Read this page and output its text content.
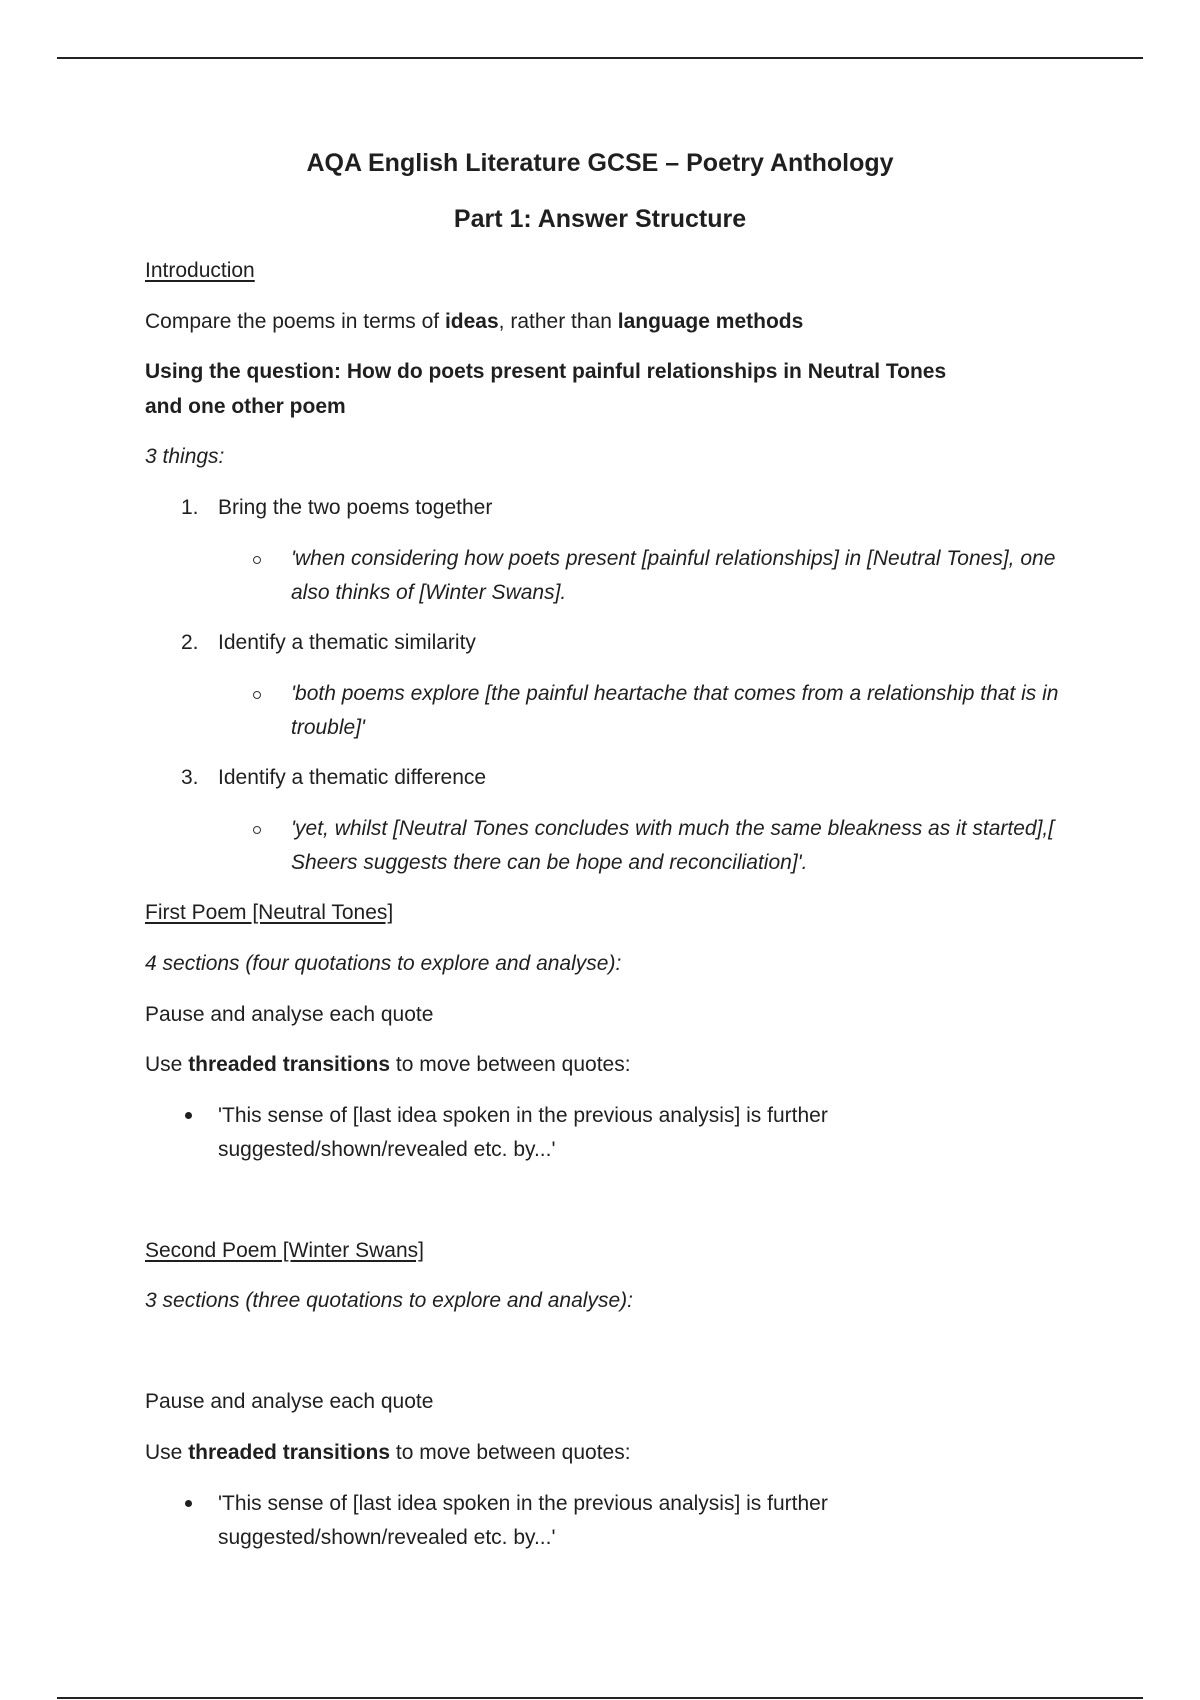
AQA English Literature GCSE – Poetry Anthology
Part 1: Answer Structure
Introduction
Compare the poems in terms of ideas, rather than language methods
Using the question: How do poets present painful relationships in Neutral Tones
and one other poem
3 things:
1. Bring the two poems together
'when considering how poets present [painful relationships] in [Neutral Tones], one also thinks of [Winter Swans].
2. Identify a thematic similarity
'both poems explore [the painful heartache that comes from a relationship that is in trouble]'
3. Identify a thematic difference
'yet, whilst [Neutral Tones concludes with much the same bleakness as it started],[ Sheers suggests there can be hope and reconciliation]'.
First Poem [Neutral Tones]
4 sections (four quotations to explore and analyse):
Pause and analyse each quote
Use threaded transitions to move between quotes:
'This sense of [last idea spoken in the previous analysis] is further suggested/shown/revealed etc. by...'
Second Poem [Winter Swans]
3 sections (three quotations to explore and analyse):
Pause and analyse each quote
Use threaded transitions to move between quotes:
'This sense of [last idea spoken in the previous analysis] is further suggested/shown/revealed etc. by...'
